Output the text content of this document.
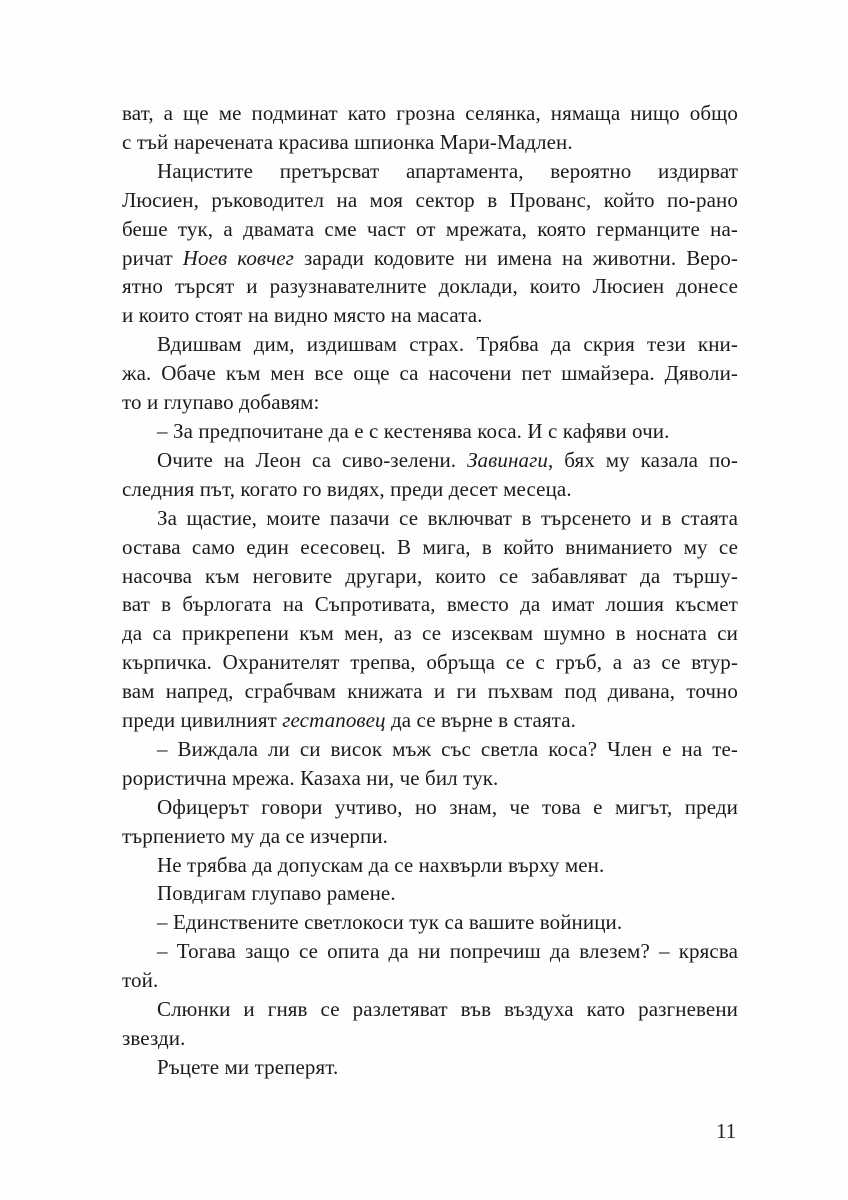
ват, а ще ме подминат като грозна селянка, нямаща нищо общо
с тъй наречената красива шпионка Мари-Мадлен.
Нацистите претърсват апартамента, вероятно издирват
Люсиен, ръководител на моя сектор в Прованс, който по-рано
беше тук, а двамата сме част от мрежата, която германците на-
ричат Ноев ковчег заради кодовите ни имена на животни. Веро-
ятно търсят и разузнавателните доклади, които Люсиен донесе
и които стоят на видно място на масата.
Вдишвам дим, издишвам страх. Трябва да скрия тези кни-
жа. Обаче към мен все още са насочени пет шмайзера. Дяволи-
то и глупаво добавям:
– За предпочитане да е с кестенява коса. И с кафяви очи.
Очите на Леон са сиво-зелени. Завинаги, бях му казала по-
следния път, когато го видях, преди десет месеца.
За щастие, моите пазачи се включват в търсенето и в стаята
остава само един есесовец. В мига, в който вниманието му се
насочва към неговите другари, които се забавляват да тършу-
ват в бърлогата на Съпротивата, вместо да имат лошия късмет
да са прикрепени към мен, аз се изсеквам шумно в носната си
кърпичка. Охранителят трепва, обръща се с гръб, а аз се втур-
вам напред, сграбчвам книжата и ги пъхвам под дивана, точно
преди цивилният гестаповец да се върне в стаята.
– Виждала ли си висок мъж със светла коса? Член е на те-
рористична мрежа. Казаха ни, че бил тук.
Офицерът говори учтиво, но знам, че това е мигът, преди
търпението му да се изчерпи.
Не трябва да допускам да се нахвърли върху мен.
Повдигам глупаво рамене.
– Единствените светлокоси тук са вашите войници.
– Тогава защо се опита да ни попречиш да влезем? – крясва
той.
Слюнки и гняв се разлетяват във въздуха като разгневени
звезди.
Ръцете ми треперят.
11
